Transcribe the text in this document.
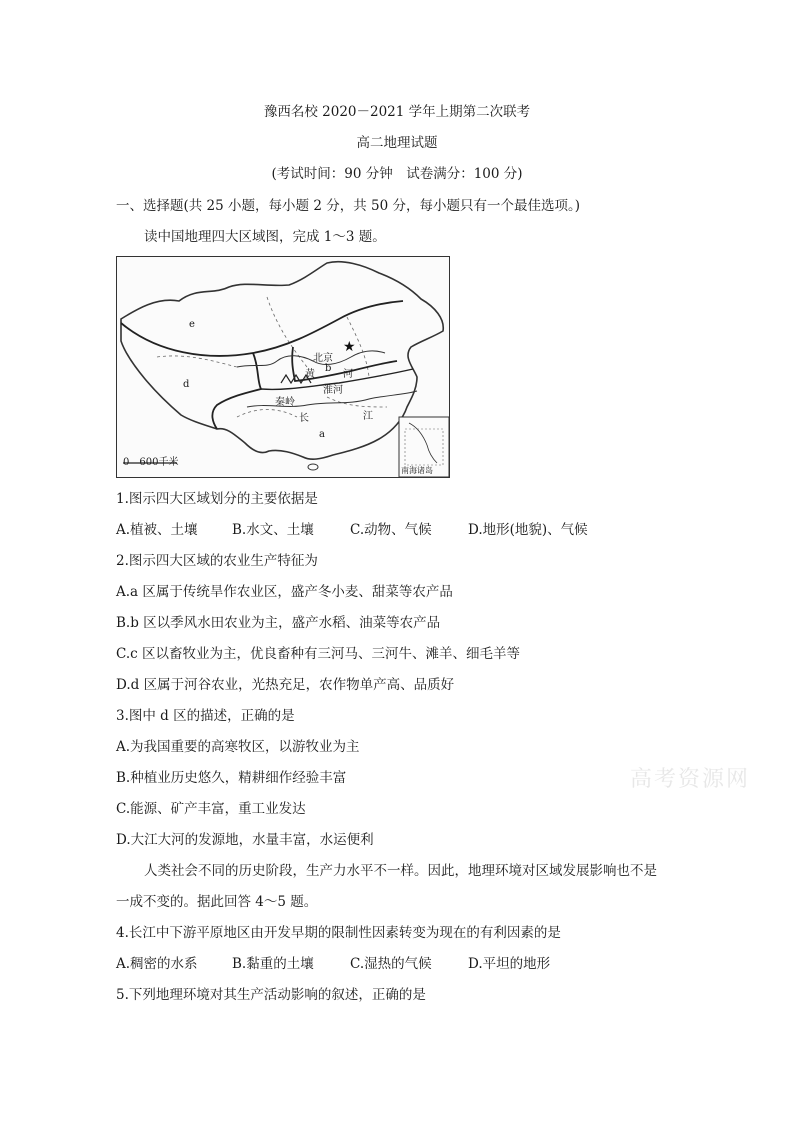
豫西名校 2020－2021 学年上期第二次联考
高二地理试题
(考试时间：90 分钟　试卷满分：100 分)
一、选择题(共 25 小题，每小题 2 分，共 50 分，每小题只有一个最佳选项。)
读中国地理四大区域图，完成 1～3 题。
★
e
d
b
a
北京
黄	河
淮河
秦岭
长	江
0　600千米
南海诸岛
1.图示四大区域划分的主要依据是
A.植被、土壤	B.水文、土壤	C.动物、气候	D.地形(地貌)、气候
2.图示四大区域的农业生产特征为
A.a 区属于传统旱作农业区，盛产冬小麦、甜菜等农产品
B.b 区以季风水田农业为主，盛产水稻、油菜等农产品
C.c 区以畜牧业为主，优良畜种有三河马、三河牛、滩羊、细毛羊等
D.d 区属于河谷农业，光热充足，农作物单产高、品质好
3.图中 d 区的描述，正确的是
A.为我国重要的高寒牧区，以游牧业为主
B.种植业历史悠久，精耕细作经验丰富
C.能源、矿产丰富，重工业发达
D.大江大河的发源地，水量丰富，水运便利
人类社会不同的历史阶段，生产力水平不一样。因此，地理环境对区域发展影响也不是
一成不变的。据此回答 4～5 题。
4.长江中下游平原地区由开发早期的限制性因素转变为现在的有利因素的是
A.稠密的水系	B.黏重的土壤	C.湿热的气候	D.平坦的地形
5.下列地理环境对其生产活动影响的叙述，正确的是
高考资源网
